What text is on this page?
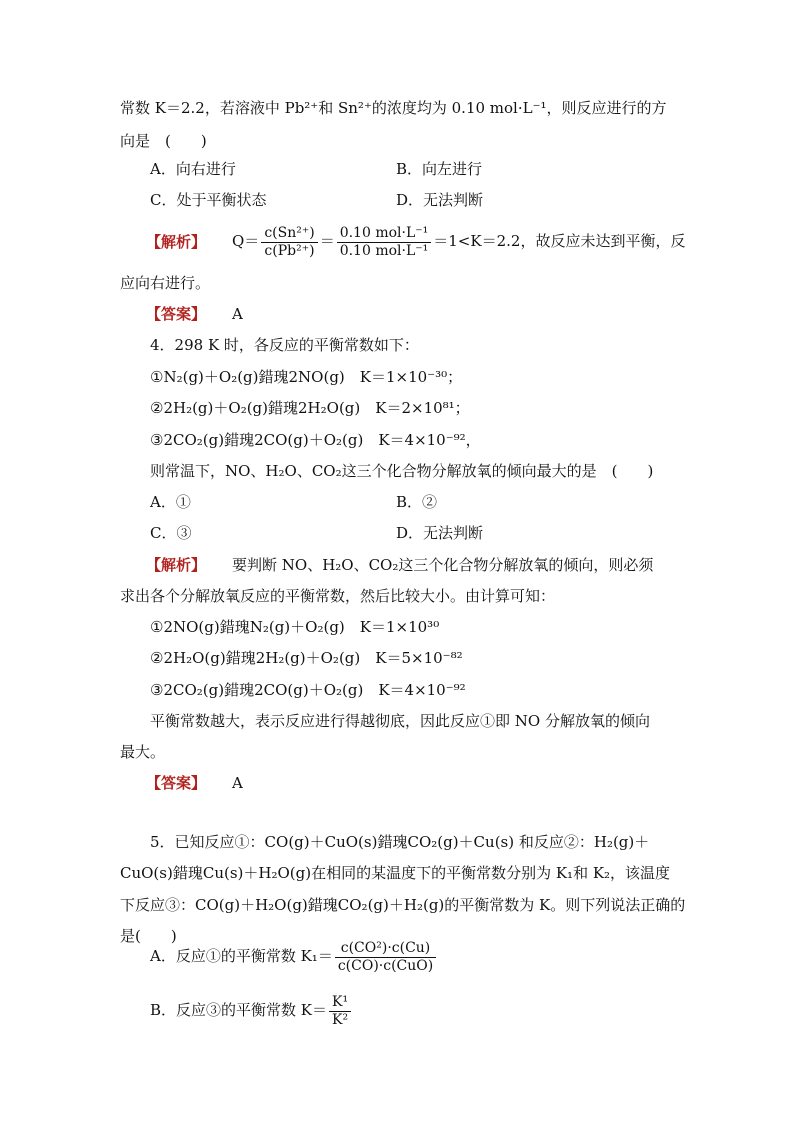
常数 K＝2.2，若溶液中 Pb²⁺和 Sn²⁺的浓度均为 0.10 mol·L⁻¹，则反应进行的方
向是　(　　)
A．向右进行	B．向左进行
C．处于平衡状态	D．无法判断
【解析】 $Q= \frac{\text{c(Sn²⁺)}}{\text{c(Pb²⁺)}} = 0.10$ mol·L⁻¹
0.10 mol·L⁻¹
＝1<K＝2.2，故反应未达到平衡，反
应向右进行。
【答案】 A
4．298 K 时，各反应的平衡常数如下：
①N₂(g)＋O₂(g)錯瑰2NO(g)　K＝1×10⁻³⁰；
②2H₂(g)＋O₂(g)錯瑰2H₂O(g)　K＝2×10⁸¹；
③2CO₂(g)錯瑰2CO(g)＋O₂(g)　K＝4×10⁻⁹²，
则常温下，NO、H₂O、CO₂这三个化合物分解放氧的倾向最大的是　(　　)
A．①	B．②
C．③	D．无法判断
【解析】 要判断 NO、H₂O、CO₂这三个化合物分解放氧的倾向，则必须
求出各个分解放氧反应的平衡常数，然后比较大小。由计算可知：
①2NO(g)錯瑰N₂(g)＋O₂(g)　K＝1×10³⁰
②2H₂O(g)錯瑰2H₂(g)＋O₂(g)　K＝5×10⁻⁸²
③2CO₂(g)錯瑰2CO(g)＋O₂(g)　K＝4×10⁻⁹²
平衡常数越大，表示反应进行得越彻底，因此反应①即 NO 分解放氧的倾向
最大。
【答案】 A
5．已知反应①：CO(g)＋CuO(s)錯瑰CO₂(g)＋Cu(s) 和反应②：H₂(g)＋
CuO(s)錯瑰Cu(s)＋H₂O(g)在相同的某温度下的平衡常数分别为 K₁和 K₂，该温度
下反应③：CO(g)＋H₂O(g)錯瑰CO₂(g)＋H₂(g)的平衡常数为 K。则下列说法正确的
是(　　)
A．反应①的平衡常数 K₁＝ c(CO²)·c(Cu)
c(CO)·c(CuO)
B．反应③的平衡常数 $K= \frac{\text{K¹}}{\text{K²}}$
